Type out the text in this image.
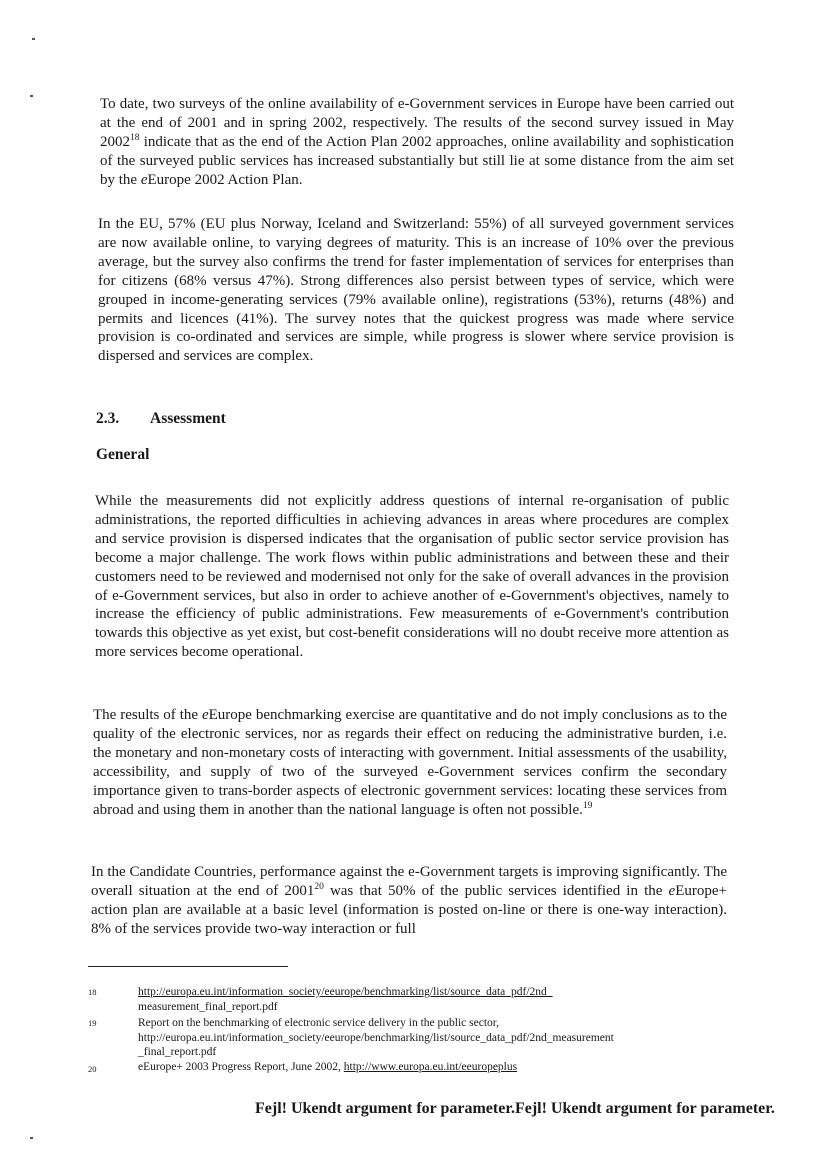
To date, two surveys of the online availability of e-Government services in Europe have been carried out at the end of 2001 and in spring 2002, respectively. The results of the second survey issued in May 2002$^{18}$ indicate that as the end of the Action Plan 2002 approaches, online availability and sophistication of the surveyed public services has increased substantially but still lie at some distance from the aim set by the eEurope 2002 Action Plan.

In the EU, 57% (EU plus Norway, Iceland and Switzerland: 55%) of all surveyed government services are now available online, to varying degrees of maturity. This is an increase of 10% over the previous average, but the survey also confirms the trend for faster implementation of services for enterprises than for citizens (68% versus 47%). Strong differences also persist between types of service, which were grouped in income-generating services (79% available online), registrations (53%), returns (48%) and permits and licences (41%). The survey notes that the quickest progress was made where service provision is co-ordinated and services are simple, while progress is slower where service provision is dispersed and services are complex.

2.3. Assessment

General

While the measurements did not explicitly address questions of internal re-organisation of public administrations, the reported difficulties in achieving advances in areas where procedures are complex and service provision is dispersed indicates that the organisation of public sector service provision has become a major challenge. The work flows within public administrations and between these and their customers need to be reviewed and modernised not only for the sake of overall advances in the provision of e-Government services, but also in order to achieve another of e-Government's objectives, namely to increase the efficiency of public administrations. Few measurements of e-Government's contribution towards this objective as yet exist, but cost-benefit considerations will no doubt receive more attention as more services become operational.

The results of the eEurope benchmarking exercise are quantitative and do not imply conclusions as to the quality of the electronic services, nor as regards their effect on reducing the administrative burden, i.e. the monetary and non-monetary costs of interacting with government. Initial assessments of the usability, accessibility, and supply of two of the surveyed e-Government services confirm the secondary importance given to trans-border aspects of electronic government services: locating these services from abroad and using them in another than the national language is often not possible.$^{19}$

In the Candidate Countries, performance against the e-Government targets is improving significantly. The overall situation at the end of 2001$^{20}$ was that 50% of the public services identified in the eEurope+ action plan are available at a basic level (information is posted on-line or there is one-way interaction). 8% of the services provide two-way interaction or full

18	http://europa.eu.int/information_society/eeurope/benchmarking/list/source_data_pdf/2nd_
measurement_final_report.pdf
19	Report on the benchmarking of electronic service delivery in the public sector,
http://europa.eu.int/information_society/eeurope/benchmarking/list/source_data_pdf/2nd_measurement
_final_report.pdf
20	eEurope+ 2003 Progress Report, June 2002, http://www.europa.eu.int/eeuropeplus
Fejl! Ukendt argument for parameter.Fejl! Ukendt argument for parameter.
